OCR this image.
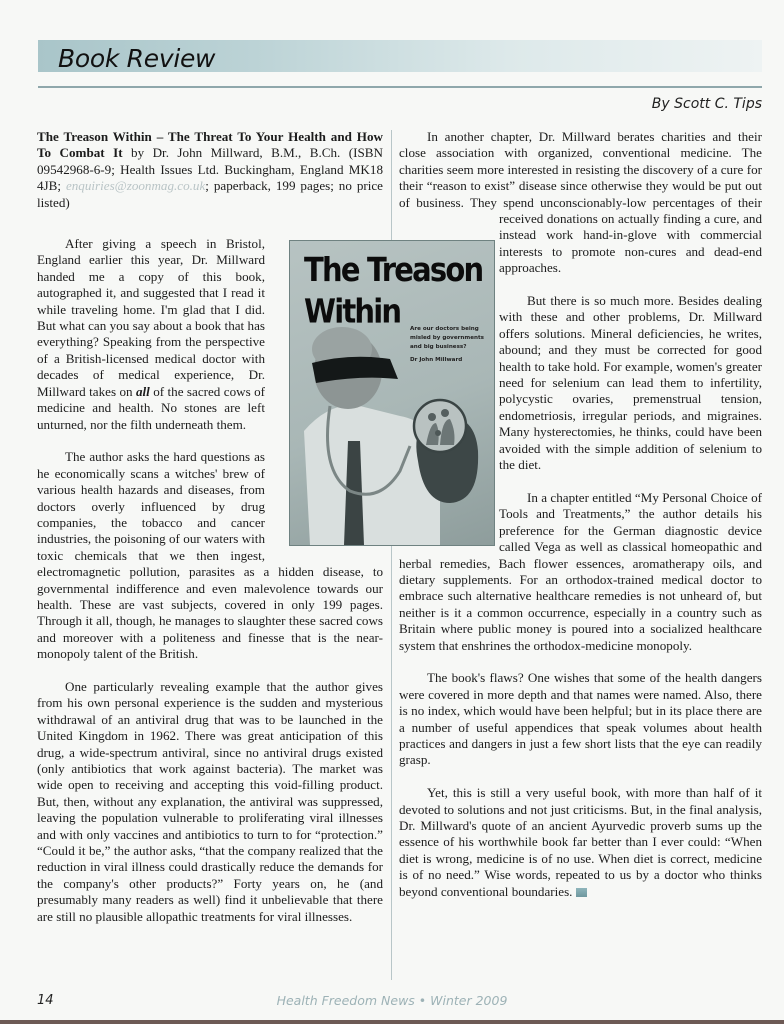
Book Review
By Scott C. Tips

The Treason Within – The Threat To Your Health and How To Combat It by Dr. John Millward, B.M., B.Ch. (ISBN 09542968-6-9; Health Issues Ltd. Buckingham, England MK18 4JB; enquiries@zoonmag.co.uk; paperback, 199 pages; no price listed)

After giving a speech in Bristol, England earlier this year, Dr. Millward handed me a copy of this book, autographed it, and suggested that I read it while traveling home. I'm glad that I did. But what can you say about a book that has everything? Speaking from the perspective of a British-licensed medical doctor with decades of medical experience, Dr. Millward takes on all of the sacred cows of medicine and health. No stones are left unturned, nor the filth underneath them.

The author asks the hard questions as he economically scans a witches' brew of various health hazards and diseases, from doctors overly influenced by drug companies, the tobacco and cancer industries, the poisoning of our waters with toxic chemicals that we then ingest, electromagnetic pollution, parasites as a hidden disease, to governmental indifference and even malevolence towards our health. These are vast subjects, covered in only 199 pages. Through it all, though, he manages to slaughter these sacred cows and moreover with a politeness and finesse that is the near-monopoly talent of the British.

One particularly revealing example that the author gives from his own personal experience is the sudden and mysterious withdrawal of an antiviral drug that was to be launched in the United Kingdom in 1962. There was great anticipation of this drug, a wide-spectrum antiviral, since no antiviral drugs existed (only antibiotics that work against bacteria). The market was wide open to receiving and accepting this void-filling product. But, then, without any explanation, the antiviral was suppressed, leaving the population vulnerable to proliferating viral illnesses and with only vaccines and antibiotics to turn to for “protection.” “Could it be,” the author asks, “that the company realized that the reduction in viral illness could drastically reduce the demands for the company's other products?” Forty years on, he (and presumably many readers as well) find it unbelievable that there are still no plausible allopathic treatments for viral illnesses.

In another chapter, Dr. Millward berates charities and their close association with organized, conventional medicine. The charities seem more interested in resisting the discovery of a cure for their “reason to exist” disease since otherwise they would be put out of business. They spend unconscionably-low percentages of their received donations on actually finding a cure, and instead work hand-in-glove with commercial interests to promote non-cures and dead-end approaches.

But there is so much more. Besides dealing with these and other problems, Dr. Millward offers solutions. Mineral deficiencies, he writes, abound; and they must be corrected for good health to take hold. For example, women's greater need for selenium can lead them to infertility, polycystic ovaries, premenstrual tension, endometriosis, irregular periods, and migraines. Many hysterectomies, he thinks, could have been avoided with the simple addition of selenium to the diet.

In a chapter entitled “My Personal Choice of Tools and Treatments,” the author details his preference for the German diagnostic device called Vega as well as classical homeopathic and herbal remedies, Bach flower essences, aromatherapy oils, and dietary supplements. For an orthodox-trained medical doctor to embrace such alternative healthcare remedies is not unheard of, but neither is it a common occurrence, especially in a country such as Britain where public money is poured into a socialized healthcare system that enshrines the orthodox-medicine monopoly.

The book's flaws? One wishes that some of the health dangers were covered in more depth and that names were named. Also, there is no index, which would have been helpful; but in its place there are a number of useful appendices that speak volumes about health practices and dangers in just a few short lists that the eye can readily grasp.

Yet, this is still a very useful book, with more than half of it devoted to solutions and not just criticisms. But, in the final analysis, Dr. Millward's quote of an ancient Ayurvedic proverb sums up the essence of his worthwhile book far better than I ever could: “When diet is wrong, medicine is of no use. When diet is correct, medicine is of no need.” Wise words, repeated to us by a doctor who thinks beyond conventional boundaries.

The Treason
Within	Are our doctors being misled by governments and big business?
Dr John Millward
14	Health Freedom News • Winter 2009
